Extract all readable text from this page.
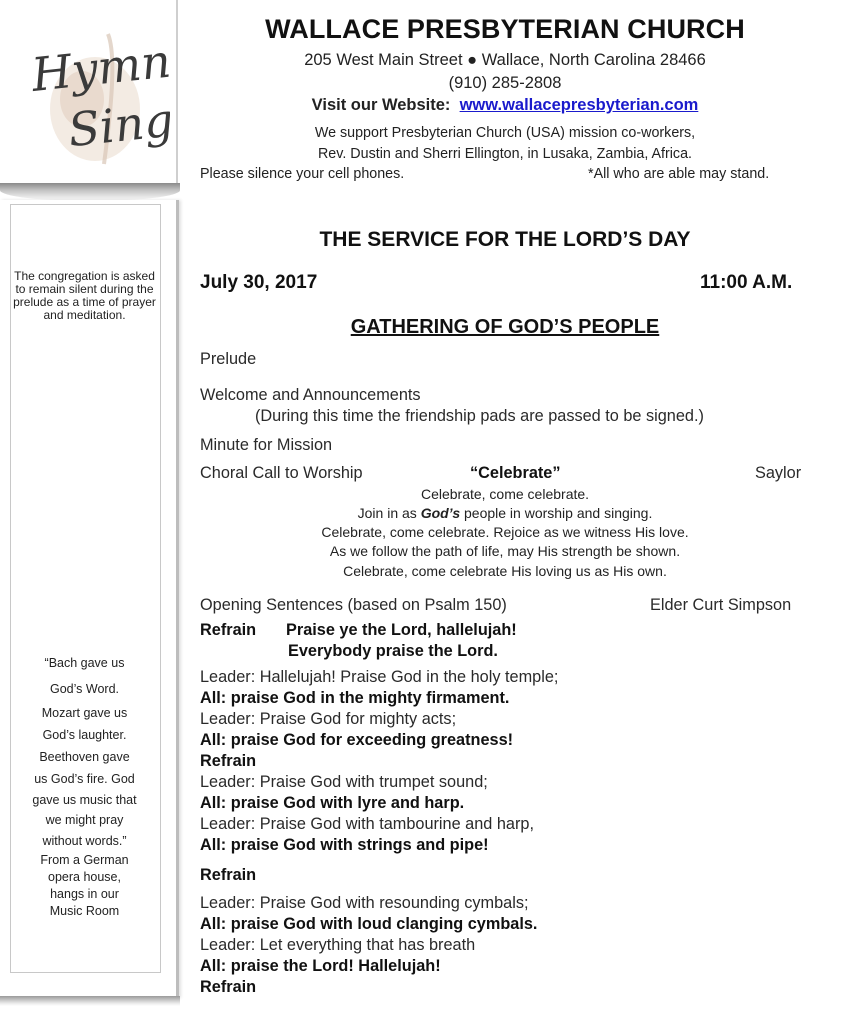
Hymn
Sing
The congregation is asked to remain silent during the prelude as a time of prayer and meditation.
“Bach gave us
God’s Word.
Mozart gave us
God’s laughter.
Beethoven gave
us God’s fire. God
gave us music that
we might pray
without words.”
From a German
opera house,
hangs in our
Music Room
WALLACE PRESBYTERIAN CHURCH
205 West Main Street ● Wallace, North Carolina 28466
(910) 285-2808
Visit our Website: www.wallacepresbyterian.com
We support Presbyterian Church (USA) mission co-workers,
Rev. Dustin and Sherri Ellington, in Lusaka, Zambia, Africa.
Please silence your cell phones.	*All who are able may stand.
THE SERVICE FOR THE LORD’S DAY
July 30, 2017	11:00 A.M.
GATHERING OF GOD’S PEOPLE
Prelude
Welcome and Announcements
(During this time the friendship pads are passed to be signed.)
Minute for Mission
Choral Call to Worship	“Celebrate”	Saylor
Celebrate, come celebrate.
Join in as God’s people in worship and singing.
Celebrate, come celebrate. Rejoice as we witness His love.
As we follow the path of life, may His strength be shown.
Celebrate, come celebrate His loving us as His own.
Opening Sentences (based on Psalm 150)	Elder Curt Simpson
Refrain Praise ye the Lord, hallelujah!
Everybody praise the Lord.
Leader: Hallelujah! Praise God in the holy temple;
All: praise God in the mighty firmament.
Leader: Praise God for mighty acts;
All: praise God for exceeding greatness!
Refrain
Leader: Praise God with trumpet sound;
All: praise God with lyre and harp.
Leader: Praise God with tambourine and harp,
All: praise God with strings and pipe!
Refrain
Leader: Praise God with resounding cymbals;
All: praise God with loud clanging cymbals.
Leader: Let everything that has breath
All: praise the Lord! Hallelujah!
Refrain
